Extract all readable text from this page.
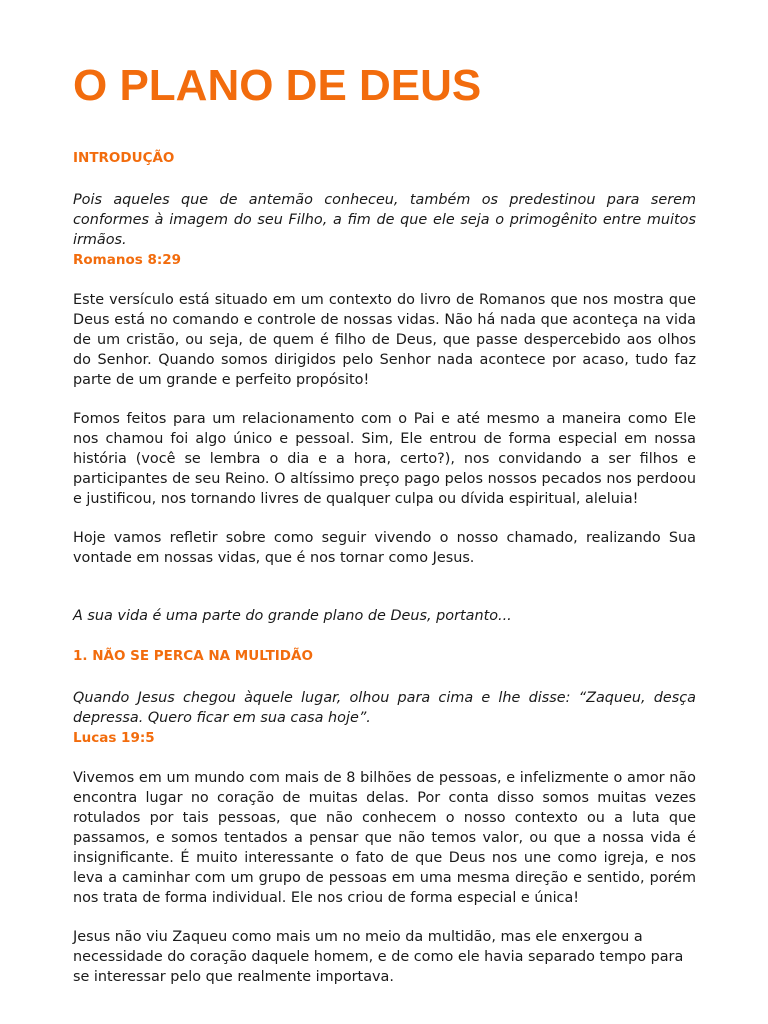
O PLANO DE DEUS
INTRODUÇÃO

Pois aqueles que de antemão conheceu, também os predestinou para serem conformes à imagem do seu Filho, a fim de que ele seja o primogênito entre muitos irmãos.

Romanos 8:29

Este versículo está situado em um contexto do livro de Romanos que nos mostra que Deus está no comando e controle de nossas vidas. Não há nada que aconteça na vida de um cristão, ou seja, de quem é filho de Deus, que passe despercebido aos olhos do Senhor. Quando somos dirigidos pelo Senhor nada acontece por acaso, tudo faz parte de um grande e perfeito propósito!

Fomos feitos para um relacionamento com o Pai e até mesmo a maneira como Ele nos chamou foi algo único e pessoal. Sim, Ele entrou de forma especial em nossa história (você se lembra o dia e a hora, certo?), nos convidando a ser filhos e participantes de seu Reino. O altíssimo preço pago pelos nossos pecados nos perdoou e justificou, nos tornando livres de qualquer culpa ou dívida espiritual, aleluia!

Hoje vamos refletir sobre como seguir vivendo o nosso chamado, realizando Sua vontade em nossas vidas, que é nos tornar como Jesus.

A sua vida é uma parte do grande plano de Deus, portanto...

1. NÃO SE PERCA NA MULTIDÃO

Quando Jesus chegou àquele lugar, olhou para cima e lhe disse: “Zaqueu, desça depressa. Quero ficar em sua casa hoje”.

Lucas 19:5

Vivemos em um mundo com mais de 8 bilhões de pessoas, e infelizmente o amor não encontra lugar no coração de muitas delas. Por conta disso somos muitas vezes rotulados por tais pessoas, que não conhecem o nosso contexto ou a luta que passamos, e somos tentados a pensar que não temos valor, ou que a nossa vida é insignificante. É muito interessante o fato de que Deus nos une como igreja, e nos leva a caminhar com um grupo de pessoas em uma mesma direção e sentido, porém nos trata de forma individual. Ele nos criou de forma especial e única!

Jesus não viu Zaqueu como mais um no meio da multidão, mas ele enxergou a necessidade do coração daquele homem, e de como ele havia separado tempo para se interessar pelo que realmente importava.
